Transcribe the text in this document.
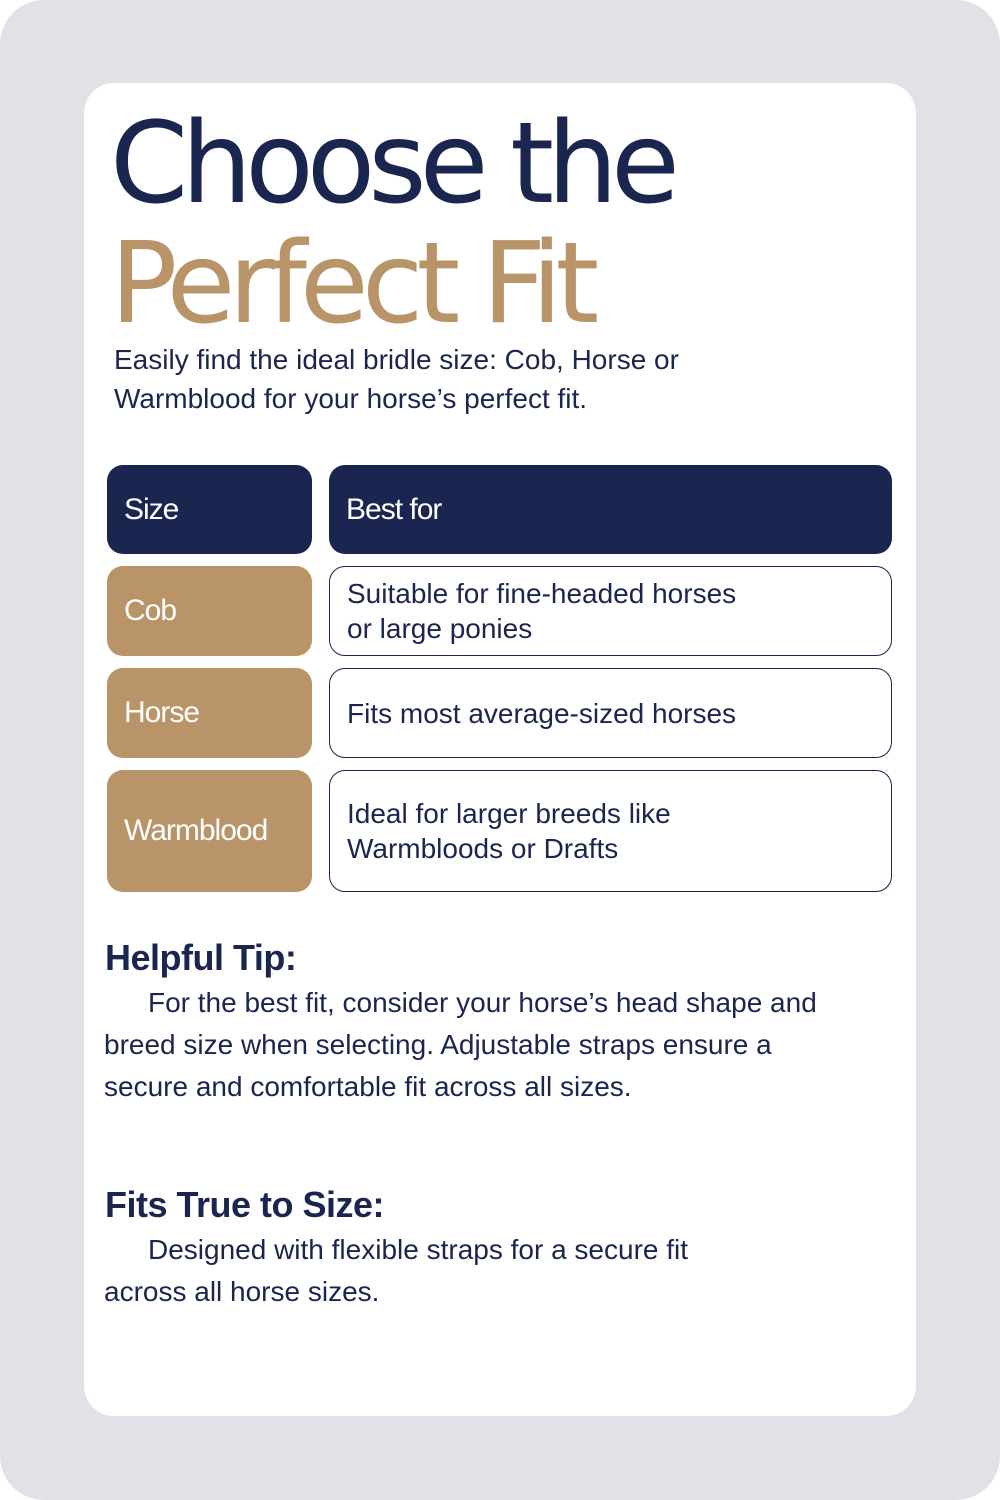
Choose the
Perfect Fit

Easily find the ideal bridle size: Cob, Horse or Warmblood for your horse’s perfect fit.

Size	Best for
Cob
Suitable for fine-headed horses
or large ponies
Horse	Fits most average-sized horses
Warmblood
Ideal for larger breeds like
Warmbloods or Drafts
Helpful Tip:

For the best fit, consider your horse’s head shape and breed size when selecting. Adjustable straps ensure a secure and comfortable fit across all sizes.

Fits True to Size:

Designed with flexible straps for a secure fit across all horse sizes.
